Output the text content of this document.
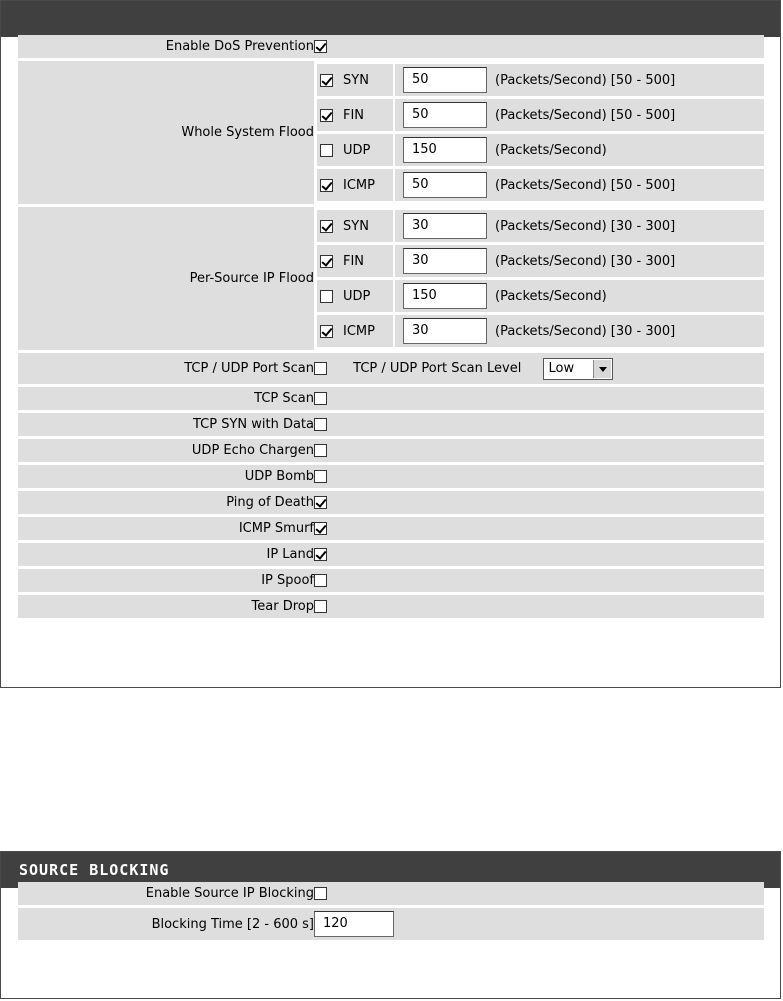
Enable DoS Prevention	
Whole System Flood	
SYN	50	(Packets/Second) [50 - 500]
FIN	50	(Packets/Second) [50 - 500]
UDP	150	(Packets/Second)
ICMP	50	(Packets/Second) [50 - 500]

Per-Source IP Flood	
SYN	30	(Packets/Second) [30 - 300]
FIN	30	(Packets/Second) [30 - 300]
UDP	150	(Packets/Second)
ICMP	30	(Packets/Second) [30 - 300]

TCP / UDP Port Scan	TCP / UDP Port Scan Level Low

TCP Scan	
TCP SYN with Data	
UDP Echo Chargen	
UDP Bomb	
Ping of Death	
ICMP Smurf	
IP Land	
IP Spoof	
Tear Drop	
SOURCE BLOCKING
Enable Source IP Blocking	
Blocking Time [2 - 600 s]	120
